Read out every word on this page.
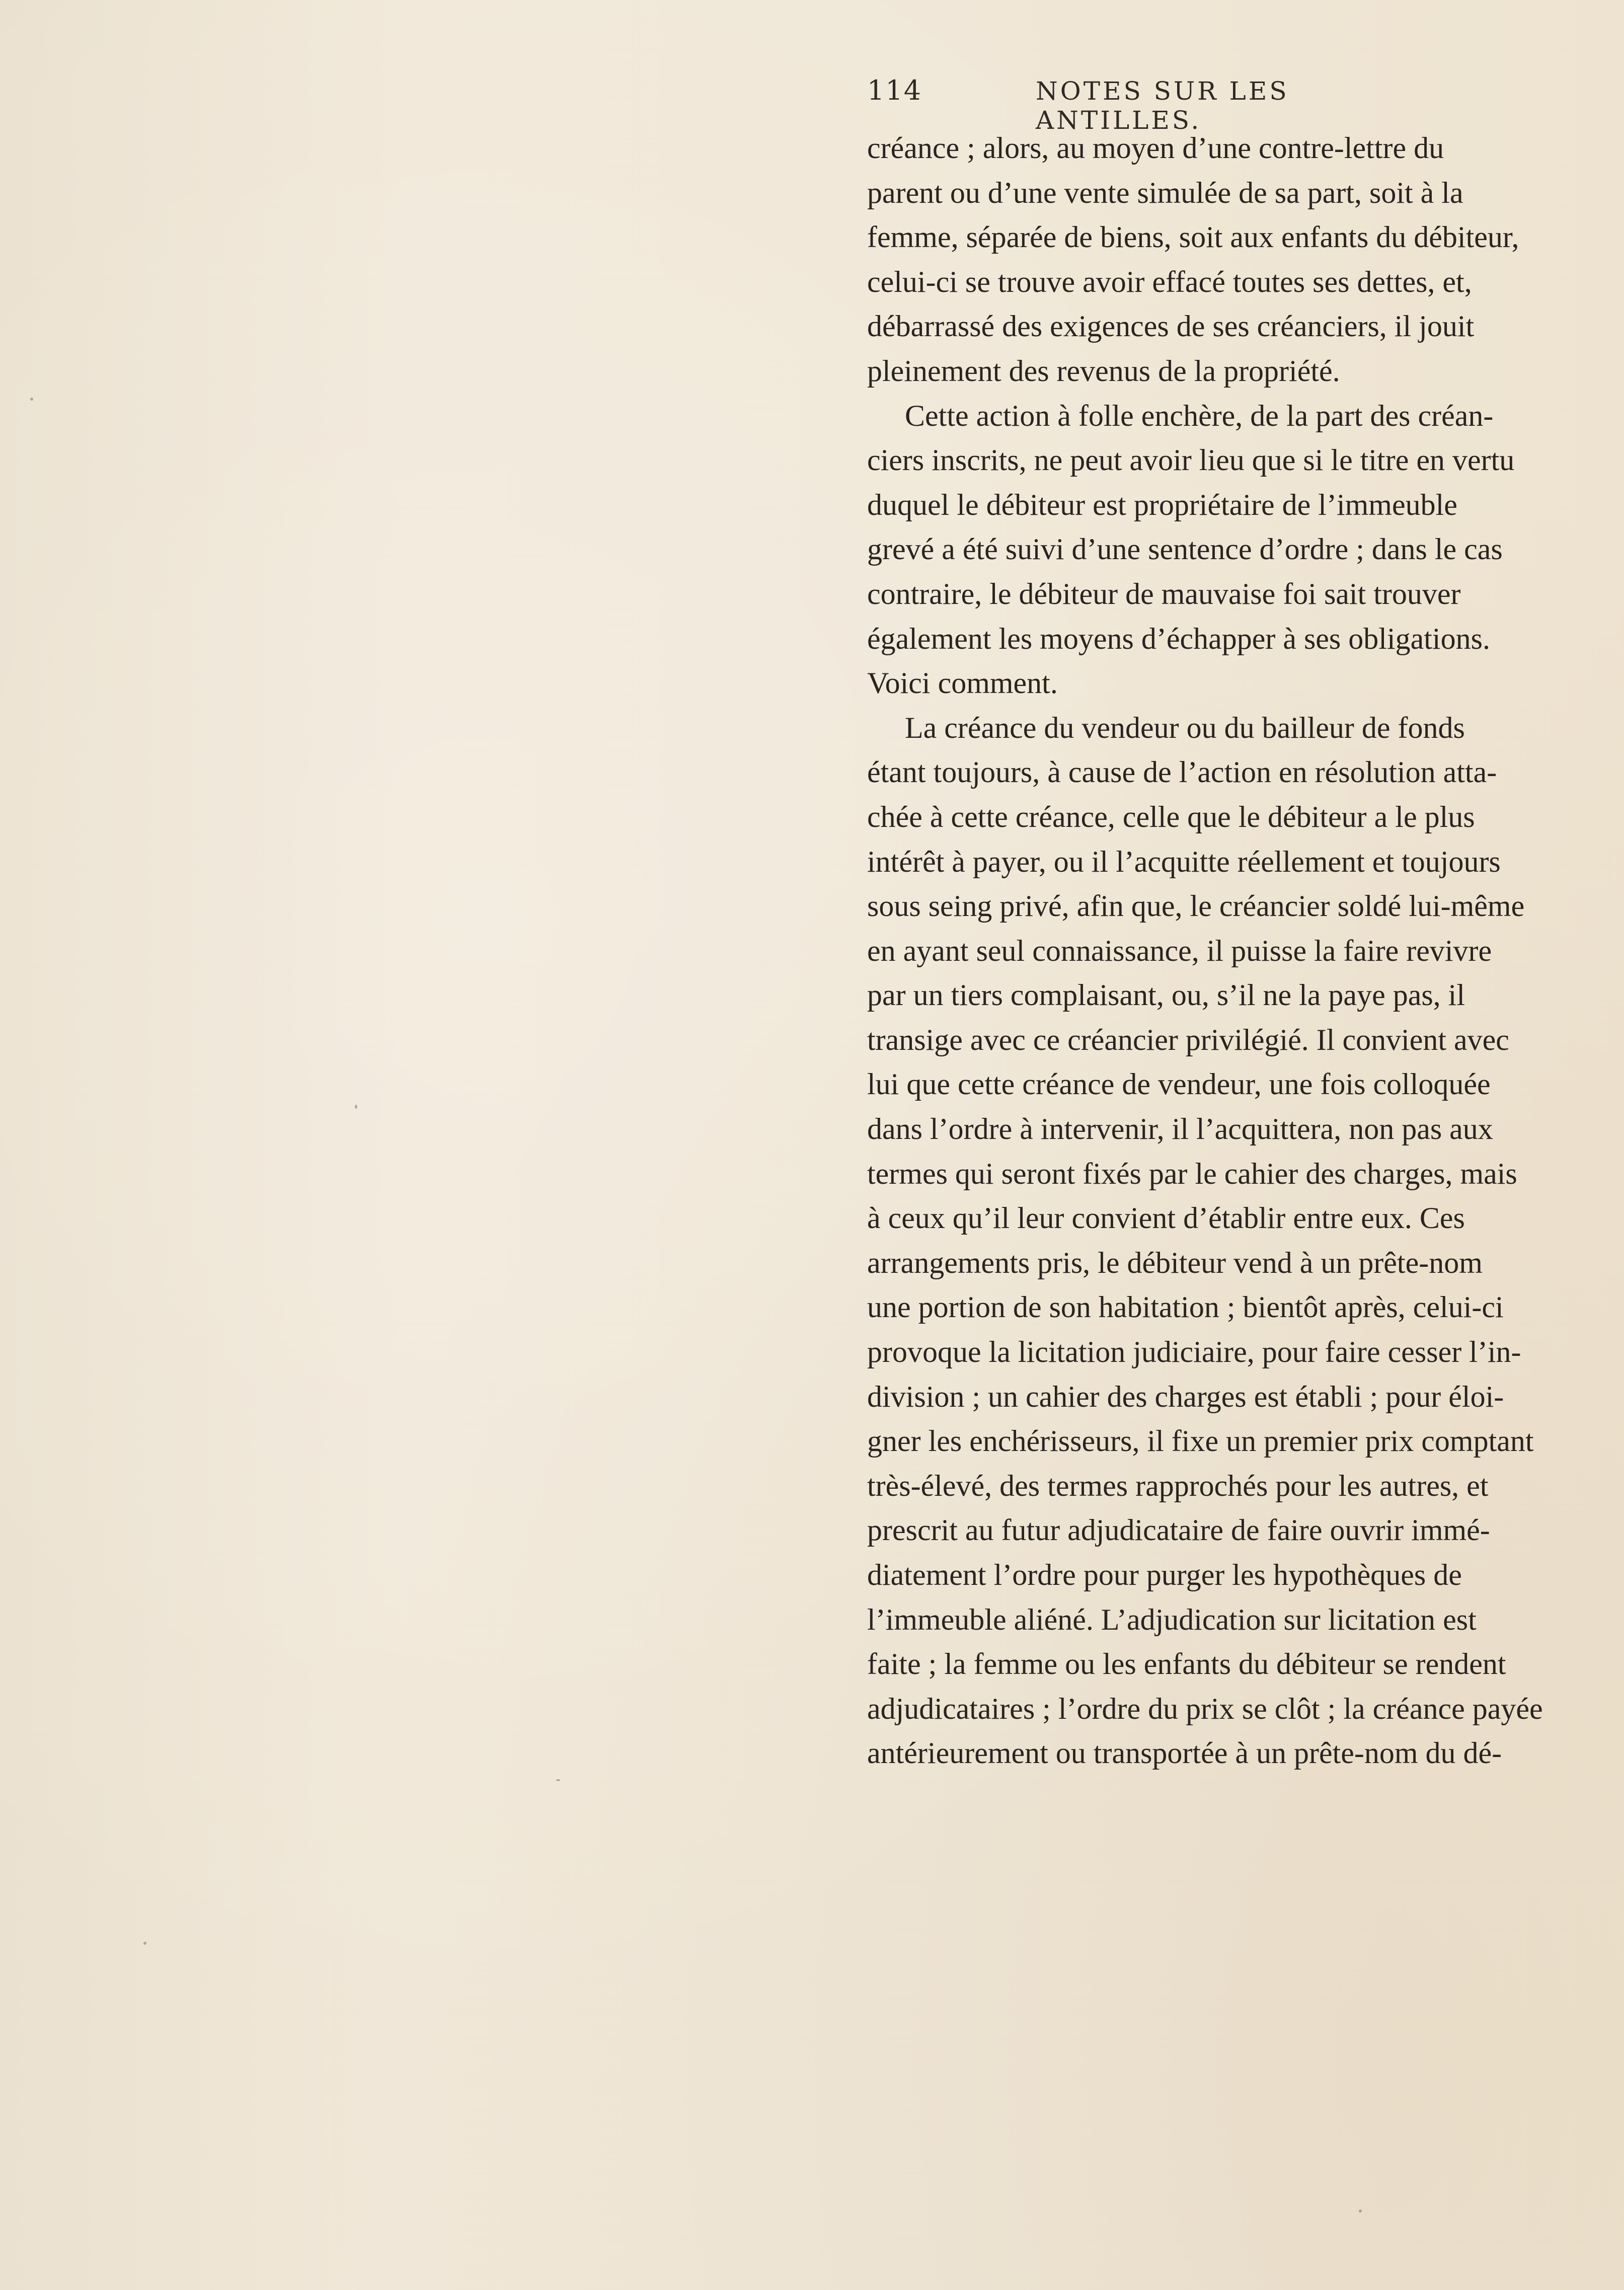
114	NOTES SUR LES ANTILLES.
créance ; alors, au moyen d’une contre-lettre du
parent ou d’une vente simulée de sa part, soit à la
femme, séparée de biens, soit aux enfants du débiteur,
celui-ci se trouve avoir effacé toutes ses dettes, et,
débarrassé des exigences de ses créanciers, il jouit
pleinement des revenus de la propriété.
Cette action à folle enchère, de la part des créan-
ciers inscrits, ne peut avoir lieu que si le titre en vertu
duquel le débiteur est propriétaire de l’immeuble
grevé a été suivi d’une sentence d’ordre ; dans le cas
contraire, le débiteur de mauvaise foi sait trouver
également les moyens d’échapper à ses obligations.
Voici comment.
La créance du vendeur ou du bailleur de fonds
étant toujours, à cause de l’action en résolution atta-
chée à cette créance, celle que le débiteur a le plus
intérêt à payer, ou il l’acquitte réellement et toujours
sous seing privé, afin que, le créancier soldé lui-même
en ayant seul connaissance, il puisse la faire revivre
par un tiers complaisant, ou, s’il ne la paye pas, il
transige avec ce créancier privilégié. Il convient avec
lui que cette créance de vendeur, une fois colloquée
dans l’ordre à intervenir, il l’acquittera, non pas aux
termes qui seront fixés par le cahier des charges, mais
à ceux qu’il leur convient d’établir entre eux. Ces
arrangements pris, le débiteur vend à un prête-nom
une portion de son habitation ; bientôt après, celui-ci
provoque la licitation judiciaire, pour faire cesser l’in-
division ; un cahier des charges est établi ; pour éloi-
gner les enchérisseurs, il fixe un premier prix comptant
très-élevé, des termes rapprochés pour les autres, et
prescrit au futur adjudicataire de faire ouvrir immé-
diatement l’ordre pour purger les hypothèques de
l’immeuble aliéné. L’adjudication sur licitation est
faite ; la femme ou les enfants du débiteur se rendent
adjudicataires ; l’ordre du prix se clôt ; la créance payée
antérieurement ou transportée à un prête-nom du dé-
